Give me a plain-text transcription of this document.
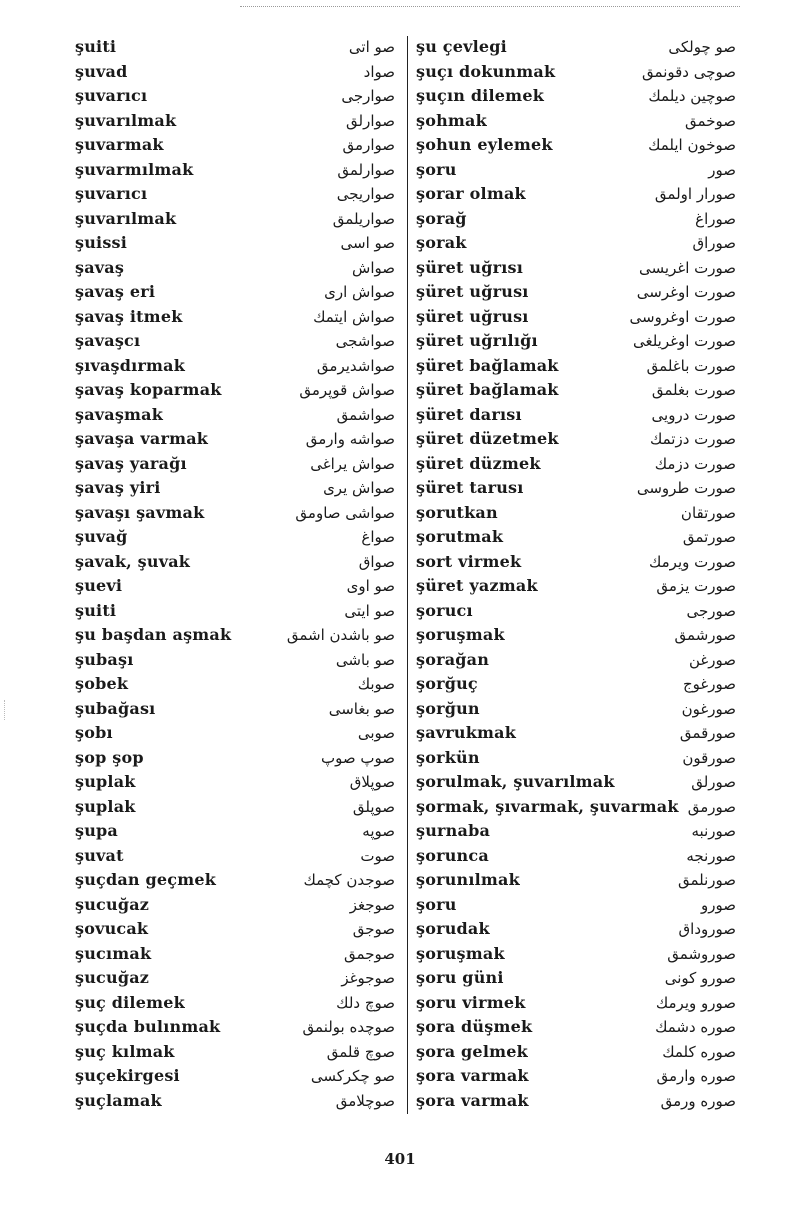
şuiti	صو اتى
şuvad	صواد
şuvarıcı	صوارجى
şuvarılmak	صوارلق
şuvarmak	صوارمق
şuvarmılmak	صوارلمق
şuvarıcı	صواريجى
şuvarılmak	صواريلمق
şuissi	صو اسى
şavaş	صواش
şavaş eri	صواش ارى
şavaş itmek	صواش ايتمك
şavaşcı	صواشجى
şıvaşdırmak	صواشديرمق
şavaş koparmak	صواش قوپرمق
şavaşmak	صواشمق
şavaşa varmak	صواشه وارمق
şavaş yarağı	صواش يراغى
şavaş yiri	صواش يرى
şavaşı şavmak	صواشى صاومق
şuvağ	صواغ
şavak, şuvak	صواق
şuevi	صو اوى
şuiti	صو ايتى
şu başdan aşmak	صو باشدن اشمق
şubaşı	صو باشى
şobek	صوبك
şubağası	صو بغاسى
şobı	صوبى
şop şop	صوپ صوپ
şuplak	صوپلاق
şuplak	صوپلق
şupa	صوپه
şuvat	صوت
şuçdan geçmek	صوجدن كچمك
şucuğaz	صوجغز
şovucak	صوجق
şucımak	صوجمق
şucuğaz	صوجوغز
şuç dilemek	صوچ دلك
şuçda bulınmak	صوچده بولنمق
şuç kılmak	صوچ قلمق
şuçekirgesi	صو چكركسى
şuçlamak	صوچلامق
şu çevlegi	صو چولكى
şuçı dokunmak	صوچى دقونمق
şuçın dilemek	صوچين ديلمك
şohmak	صوخمق
şohun eylemek	صوخون ايلمك
şoru	صور
şorar olmak	صورار اولمق
şorağ	صوراغ
şorak	صوراق
şüret uğrısı	صورت اغريسى
şüret uğrusı	صورت اوغرسى
şüret uğrusı	صورت اوغروسى
şüret uğrılığı	صورت اوغريلغى
şüret bağlamak	صورت باغلمق
şüret bağlamak	صورت بغلمق
şüret darısı	صورت درويى
şüret düzetmek	صورت دزتمك
şüret düzmek	صورت دزمك
şüret tarusı	صورت طروسى
şorutkan	صورتقان
şorutmak	صورتمق
sort virmek	صورت ويرمك
şüret yazmak	صورت يزمق
şorucı	صورجى
şoruşmak	صورشمق
şorağan	صورغن
şorğuç	صورغوج
şorğun	صورغون
şavrukmak	صورقمق
şorkün	صورقون
şorulmak, şuvarılmak	صورلق
şormak, şıvarmak, şuvarmak صورمق
şurnaba	صورنبه
şorunca	صورنجه
şorunılmak	صورنلمق
şoru	صورو
şorudak	صوروداق
şoruşmak	صوروشمق
şoru güni	صورو كونى
şoru virmek	صورو ويرمك
şora düşmek	صوره دشمك
şora gelmek	صوره كلمك
şora varmak	صوره وارمق
şora varmak	صوره ورمق
401
